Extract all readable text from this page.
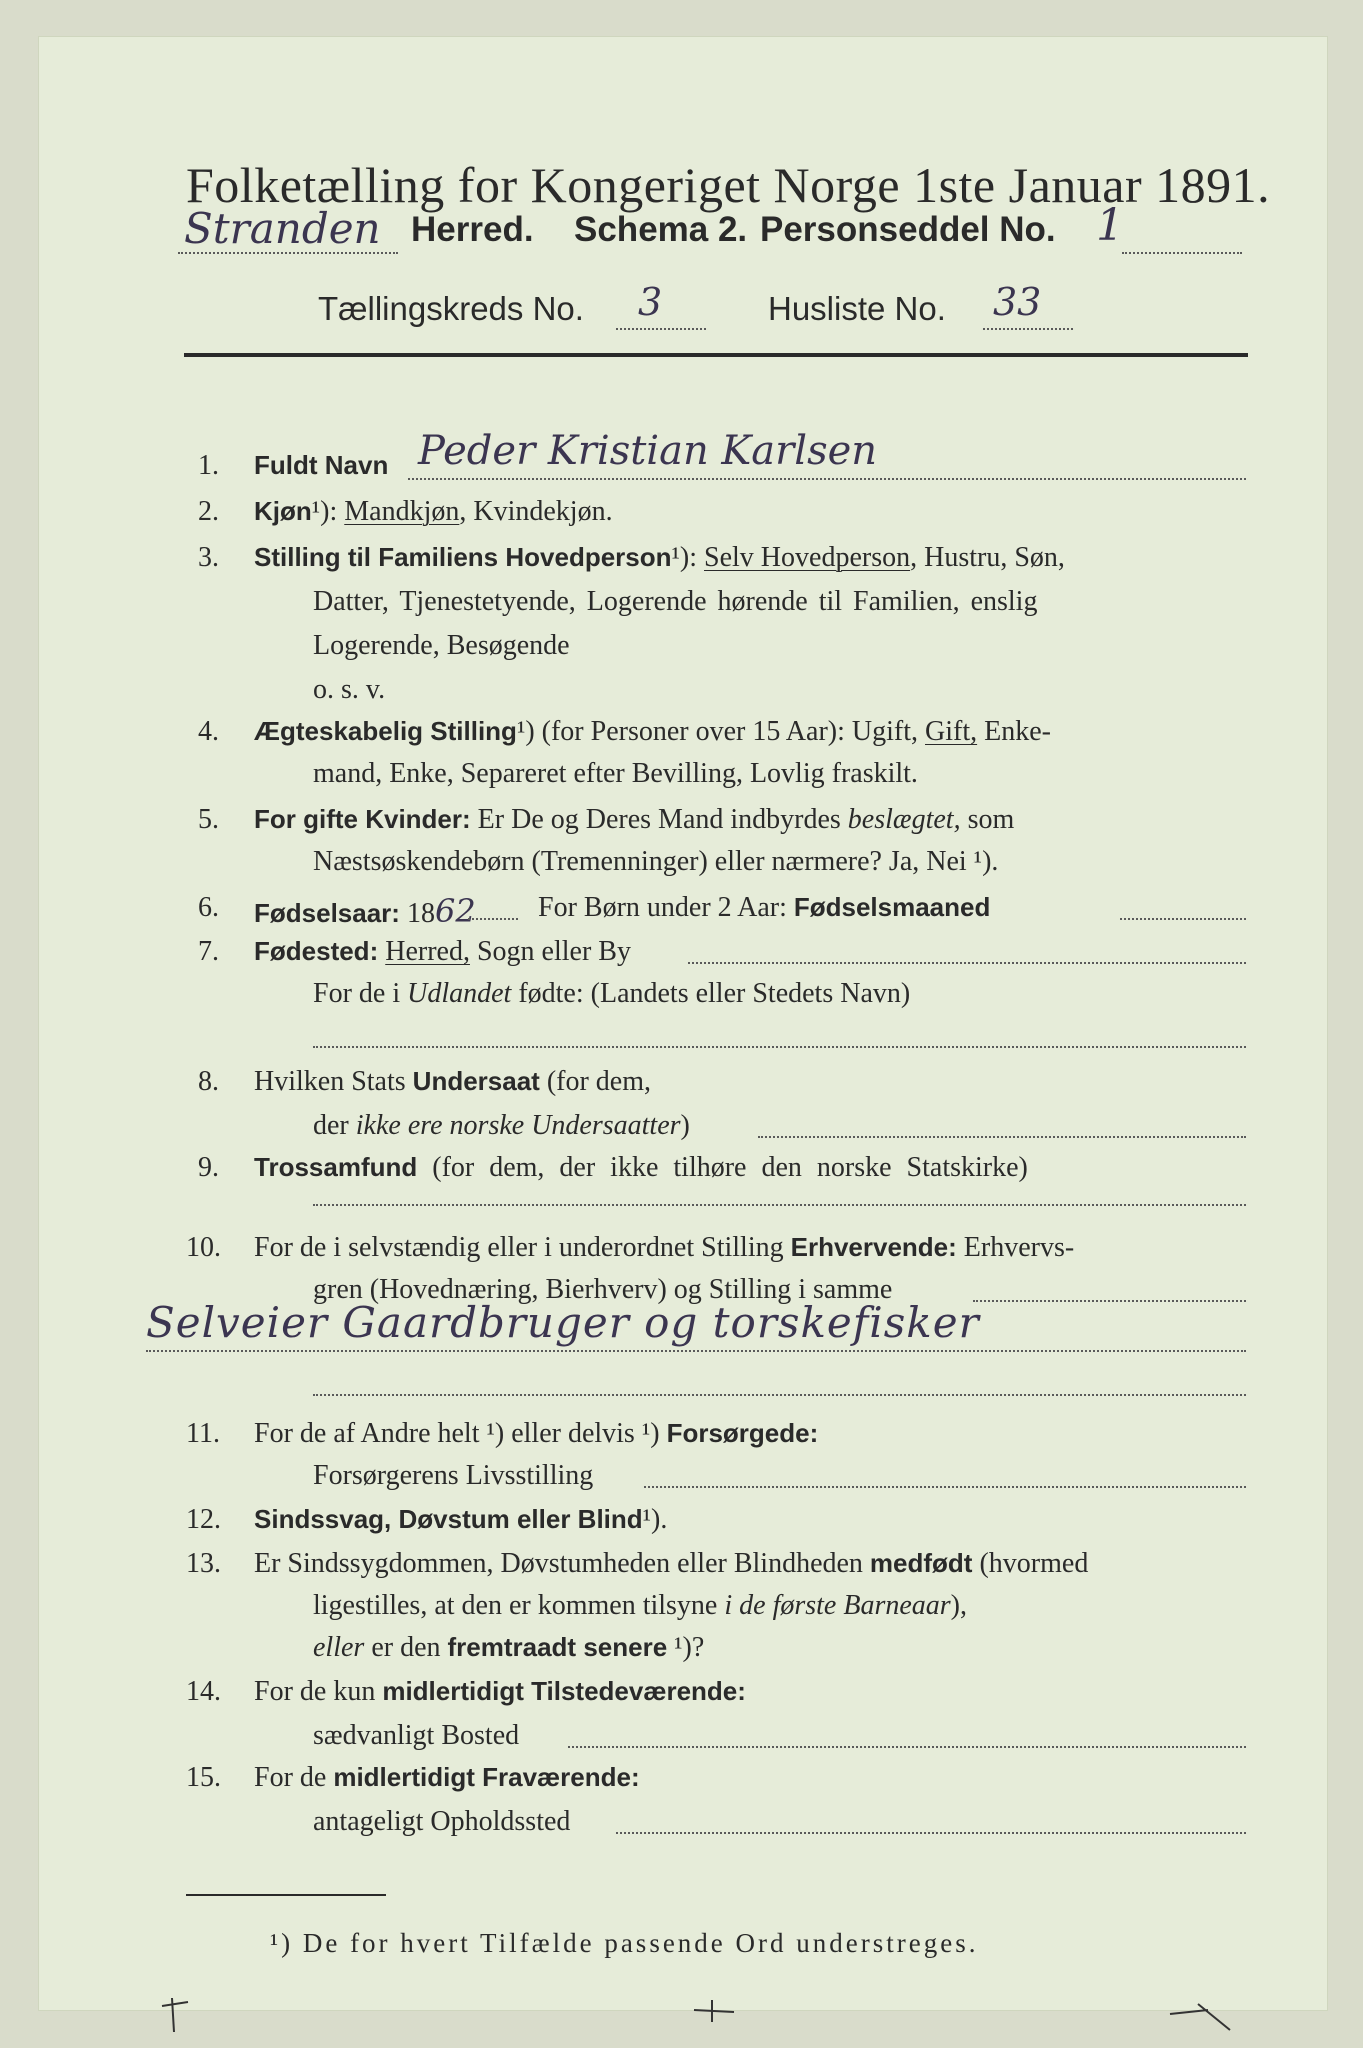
Folketælling for Kongeriget Norge 1ste Januar 1891.
Stranden Herred. Schema 2. Personseddel No. 1
Tællingskreds No. 3	Husliste No. 33
1. Fuldt Navn Peder Kristian Karlsen
2. Kjøn¹): Mandkjøn, Kvindekjøn.
3. Stilling til Familiens Hovedperson¹): Selv Hovedperson, Hustru, Søn,
Datter, Tjenestetyende, Logerende hørende til Familien, enslig
Logerende, Besøgende
o. s. v.
4. Ægteskabelig Stilling¹) (for Personer over 15 Aar): Ugift, Gift, Enke-
mand, Enke, Separeret efter Bevilling, Lovlig fraskilt.
5. For gifte Kvinder: Er De og Deres Mand indbyrdes beslægtet, som
Næstsøskendebørn (Tremenninger) eller nærmere? Ja, Nei ¹).
6. Fødselsaar: 1862 For Børn under 2 Aar: Fødselsmaaned
7. Fødested: Herred, Sogn eller By
For de i Udlandet fødte: (Landets eller Stedets Navn)
8. Hvilken Stats Undersaat (for dem,
der ikke ere norske Undersaatter)
9. Trossamfund (for dem, der ikke tilhøre den norske Statskirke)
10. For de i selvstændig eller i underordnet Stilling Erhvervende: Erhvervs-
gren (Hovednæring, Bierhverv) og Stilling i samme
Selveier Gaardbruger og torskefisker
11. For de af Andre helt ¹) eller delvis ¹) Forsørgede:
Forsørgerens Livsstilling
12. Sindssvag, Døvstum eller Blind¹).
13. Er Sindssygdommen, Døvstumheden eller Blindheden medfødt (hvormed
ligestilles, at den er kommen tilsyne i de første Barneaar),
eller er den fremtraadt senere ¹)?
14. For de kun midlertidigt Tilstedeværende:
sædvanligt Bosted
15. For de midlertidigt Fraværende:
antageligt Opholdssted
¹) De for hvert Tilfælde passende Ord understreges.
